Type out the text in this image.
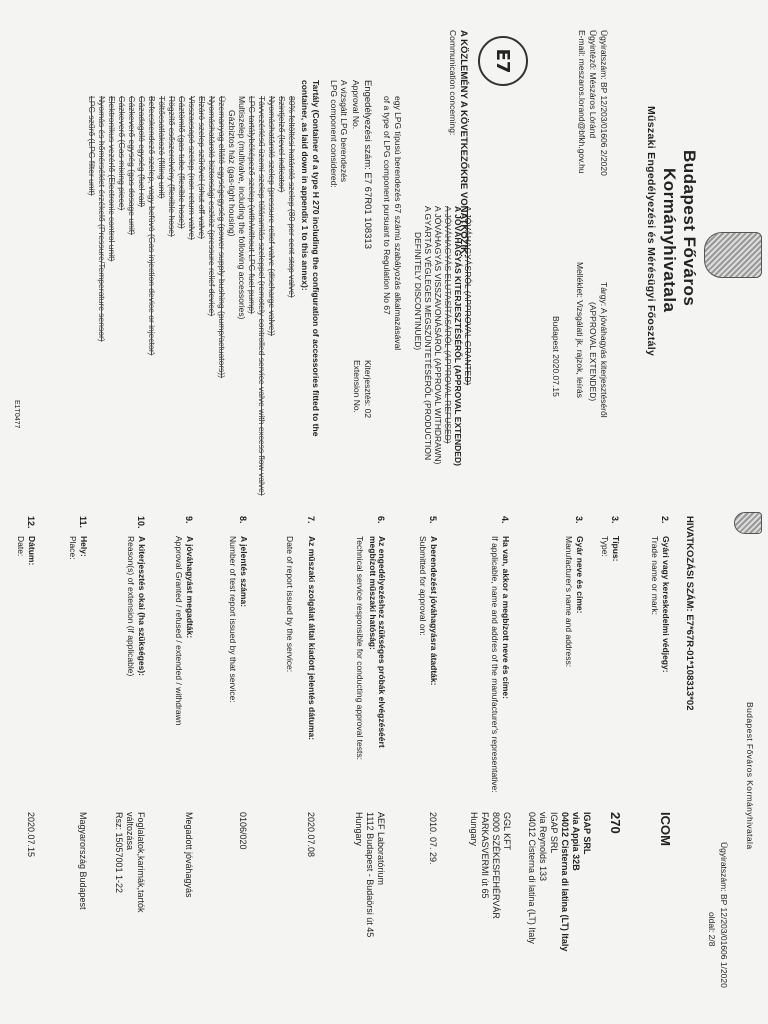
Budapest Főváros
Kormányhivatala
Műszaki Engedélyezési és Mérésügyi Főosztály
Ügyiratszám: BP 12/203/01606 2/2020
Ügyintéző: Mészáros Lóránd
E-mail: meszaros.lorand@bfkh.gov.hu
Tárgy: A jóváhagyás kiterjesztéséről
(APPROVAL EXTENDED)
Melléklet: Vizsgálati jk. rajzok, leírás
Budapest 2020.07.15
E7
A KÖZLEMÉNY A KÖVETKEZŐKRE VONATKOZIK:
Communication concerning:
A JÓVÁHAGYÁSRÓL (APPROVAL GRANTED)
A JÓVÁHAGYÁS KITERJESZTÉSÉRŐL (APPROVAL EXTENDED)
A JÓVÁHAGYÁS ELUTASÍTÁSÁRÓL (APPROVAL REFUSED)
A JÓVÁHAGYÁS VISSZAVONÁSÁRÓL (APPROVAL WITHDRAWN)
A GYÁRTÁS VÉGLEGES MEGSZÜNTETÉSÉRŐL (PRODUCTION
DEFINITELY DISCONTINUED)
egy LPG típusú berendezés 67 számú szabályozás alkalmazásával
of a type of LPG component pursuant to Regulation No 67
Engedélyezési szám: E7 67R01 108313
Approval No.
Kiterjesztés: 02
Extension No.
A vizsgált LPG berendezés
LPG component considered:
Tartály (Container of a type H 270 including the configuration of accessories fitted to the
container, as laid down in appendix 1 to this annex):
80% feltöltési határoló szelep (80 per cent stop valve)
Szintjelző (level indicator)
Nyomáshatároló szelep (pressure relief valve (discharge valve))
Távvezérlésű üzemi szelep túláramlás szeleppel (remotely controlled service valve with excess flow valve)
LPG tartálybéképező szelep (with/without LPG fuel pump)
Multiszelep (multivalve, including the following accessories)
Gázbiztos ház (gas-tight housing)
Üzemanyag ellátó egységegység (power supply bushing (pump/actuators))
Nyomáshatároló biztonsági eszköz (pressure relief device)
Elzáró szelep szűrővel (shut off valve)
Visszacsapó szelep (non-return valve)
Gáztömlő (gas-tube (flexible hose))
Rögzítő csőszerelvény (flexible hose)
Töltőcsatlakozó (filling unit)
Befecskendező szelep, vagy befúvó (Gas injection device or injector)
Gázadagoló egység (fuel rail)
Gázkeverő egység (gas dosage unit)
Gázkeverő (Gas mixing piece)
Elektronikus vezérlő (Electronic control unit)
Nyomás és hőmérséklet érzékelő (Pressure/Temperature sensor)
LPG szűrő (LPG filter unit)
E1T0477
Budapest Főváros Kormányhivatala
Ügyiratszám: BP 12/203/01606 1/2020
oldal: 2/8
HIVATKOZÁSI SZÁM: E7*67R-01*108313*02
2.
Gyári vagy kereskedelmi védjegy:
Trade name or mark:
ICOM
3.
Típus:
Type:
270
3.
Gyár neve és címe:
Manufacturer's name and address:
IGAP SRL
via Appia 32B
04012 Cisterna di latina (LT) Italy
IGAP SRL
via Reynolds 133
04012 Cisterna di latina (LT) Italy
4.
Ha van, akkor a megbízott neve és címe:
If applicable, name and addres of the manufacturer's representative:
GGL KFT
8000 SZÉKESFEHÉRVÁR
FARKASVERMI út 65
Hungary
5.
A berendezést jóváhagyásra átadták:
Submitted for approval on:
2010. 07. 29.
6.
Az engedélyezéshez szükséges próbák elvégzéséért megbízott műszaki hatóság:
Technical service responsible for conducting approval tests:
AEF Laboratórium
1112 Budapest - Budaörsi út 45
Hungary
7.
Az műszaki szolgálat által kiadott jelentés dátuma:
Date of report issued by the service:
2020.07.08
8.
A jelentés száma:
Number of test report issued by that service:
0106/020
9.
A jóváhagyást megadták:
Approval Granted / refused / extended / withdrawn
Megadott jóváhagyás
10.
A kiterjesztés okai (ha szükséges):
Reason(s) of extension (if applicable)
Foglalatok,karimák,tartók
változása
Rsz: 15057001 1-22
11.
Hely:
Place:
Magyarország Budapest
12.
Dátum:
Date:
2020.07.15
